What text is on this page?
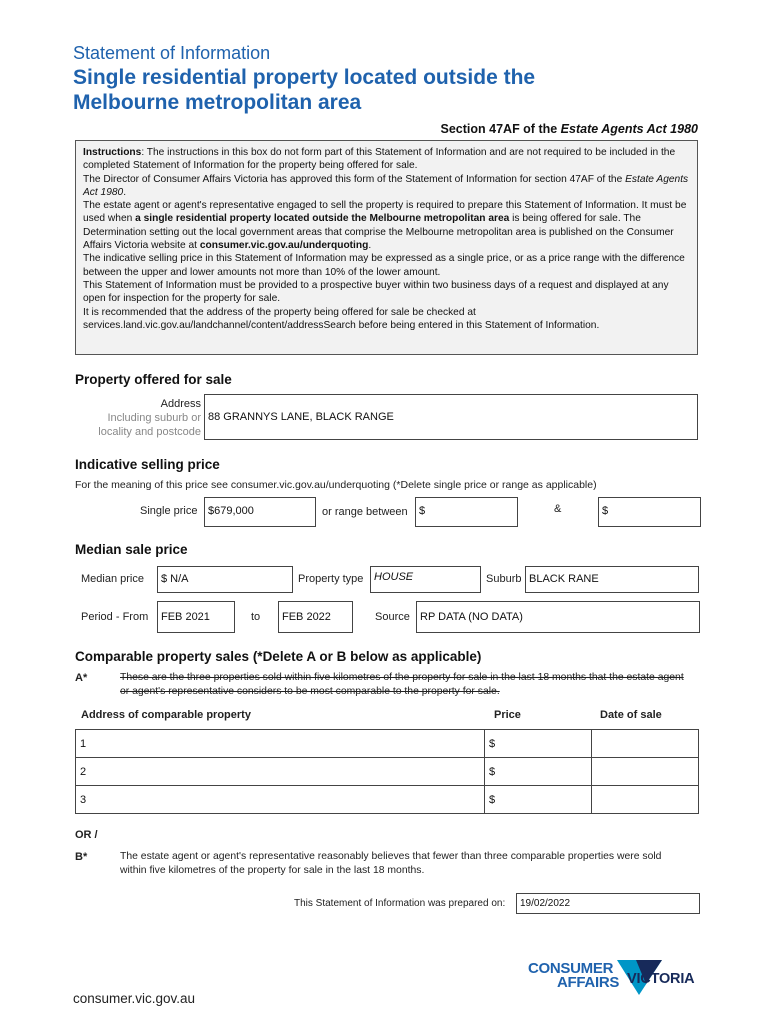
Statement of Information
Single residential property located outside the
Melbourne metropolitan area
Section 47AF of the Estate Agents Act 1980

Instructions: The instructions in this box do not form part of this Statement of Information and are not required to be included in the completed Statement of Information for the property being offered for sale.

The Director of Consumer Affairs Victoria has approved this form of the Statement of Information for section 47AF of the Estate Agents Act 1980.

The estate agent or agent's representative engaged to sell the property is required to prepare this Statement of Information. It must be used when a single residential property located outside the Melbourne metropolitan area is being offered for sale. The Determination setting out the local government areas that comprise the Melbourne metropolitan area is published on the Consumer Affairs Victoria website at consumer.vic.gov.au/underquoting.

The indicative selling price in this Statement of Information may be expressed as a single price, or as a price range with the difference between the upper and lower amounts not more than 10% of the lower amount.

This Statement of Information must be provided to a prospective buyer within two business days of a request and displayed at any open for inspection for the property for sale.

It is recommended that the address of the property being offered for sale be checked at services.land.vic.gov.au/landchannel/content/addressSearch before being entered in this Statement of Information.

Property offered for sale
Address
Including suburb or
locality and postcode
88 GRANNYS LANE, BLACK RANGE
Indicative selling price
For the meaning of this price see consumer.vic.gov.au/underquoting (*Delete single price or range as applicable)
Single price $679,000	or range between	$	&	$
Median sale price
Median price	$ N/A	Property type HOUSE	Suburb BLACK RANE
Period - From	FEB 2021	to	FEB 2022	Source RP DATA (NO DATA)
Comparable property sales (*Delete A or B below as applicable)
A*	These are the three properties sold within five kilometres of the property for sale in the last 18 months that the estate agent or agent's representative considers to be most comparable to the property for sale.
Address of comparable property	Price	Date of sale
1	$	
2	$	
3	$	
OR /
B*	The estate agent or agent's representative reasonably believes that fewer than three comparable properties were sold within five kilometres of the property for sale in the last 18 months.
This Statement of Information was prepared on:	19/02/2022
CONSUMER
AFFAIRS VICTORIA
consumer.vic.gov.au
